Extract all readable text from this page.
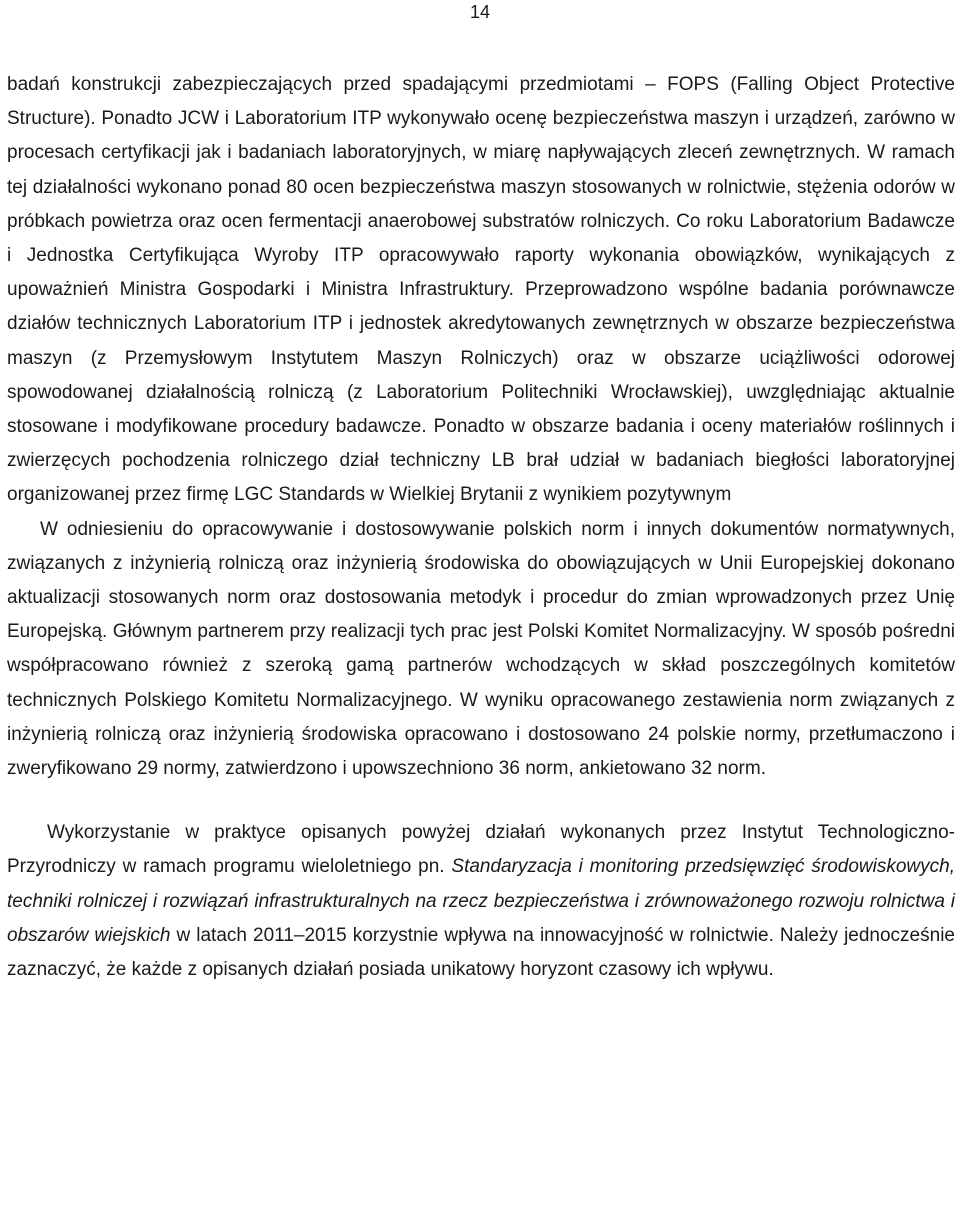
14

badań konstrukcji zabezpieczających przed spadającymi przedmiotami – FOPS (Falling Object Protective Structure). Ponadto JCW i Laboratorium ITP wykonywało ocenę bezpieczeństwa maszyn i urządzeń, zarówno w procesach certyfikacji jak i badaniach laboratoryjnych, w miarę napływających zleceń zewnętrznych. W ramach tej działalności wykonano ponad 80 ocen bezpieczeństwa maszyn stosowanych w rolnictwie, stężenia odorów w próbkach powietrza oraz ocen fermentacji anaerobowej substratów rolniczych. Co roku Laboratorium Badawcze i Jednostka Certyfikująca Wyroby ITP opracowywało raporty wykonania obowiązków, wynikających z upoważnień Ministra Gospodarki i Ministra Infrastruktury. Przeprowadzono wspólne badania porównawcze działów technicznych Laboratorium ITP i jednostek akredytowanych zewnętrznych w obszarze bezpieczeństwa maszyn (z Przemysłowym Instytutem Maszyn Rolniczych) oraz w obszarze uciążliwości odorowej spowodowanej działalnością rolniczą (z Laboratorium Politechniki Wrocławskiej), uwzględniając aktualnie stosowane i modyfikowane procedury badawcze. Ponadto w obszarze badania i oceny materiałów roślinnych i zwierzęcych pochodzenia rolniczego dział techniczny LB brał udział w badaniach biegłości laboratoryjnej organizowanej przez firmę LGC Standards w Wielkiej Brytanii z wynikiem pozytywnym

W odniesieniu do opracowywanie i dostosowywanie polskich norm i innych dokumentów normatywnych, związanych z inżynierią rolniczą oraz inżynierią środowiska do obowiązujących w Unii Europejskiej dokonano aktualizacji stosowanych norm oraz dostosowania metodyk i procedur do zmian wprowadzonych przez Unię Europejską. Głównym partnerem przy realizacji tych prac jest Polski Komitet Normalizacyjny. W sposób pośredni współpracowano również z szeroką gamą partnerów wchodzących w skład poszczególnych komitetów technicznych Polskiego Komitetu Normalizacyjnego. W wyniku opracowanego zestawienia norm związanych z inżynierią rolniczą oraz inżynierią środowiska opracowano i dostosowano 24 polskie normy, przetłumaczono i zweryfikowano 29 normy, zatwierdzono i upowszechniono 36 norm, ankietowano 32 norm.

Wykorzystanie w praktyce opisanych powyżej działań wykonanych przez Instytut Technologiczno-Przyrodniczy w ramach programu wieloletniego pn. Standaryzacja i monitoring przedsięwzięć środowiskowych, techniki rolniczej i rozwiązań infrastrukturalnych na rzecz bezpieczeństwa i zrównoważonego rozwoju rolnictwa i obszarów wiejskich w latach 2011–2015 korzystnie wpływa na innowacyjność w rolnictwie. Należy jednocześnie zaznaczyć, że każde z opisanych działań posiada unikatowy horyzont czasowy ich wpływu.
